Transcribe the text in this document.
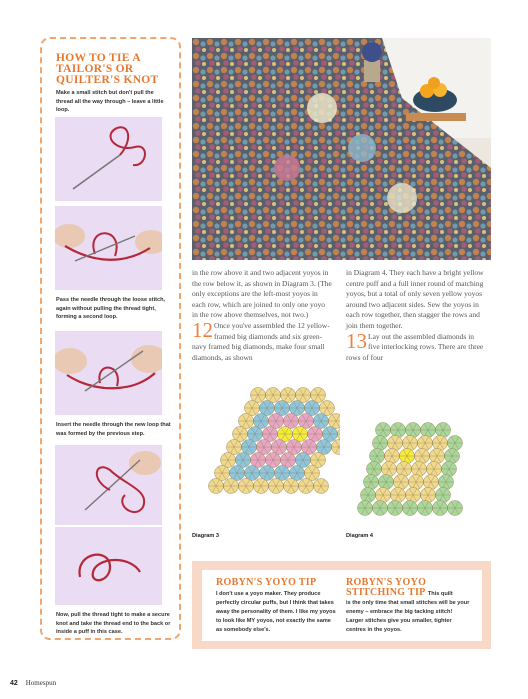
HOW TO TIE A
TAILOR'S OR
QUILTER'S KNOT

Make a small stitch but don't pull the thread all the way through – leave a little loop.

Pass the needle through the loose stitch, again without pulling the thread tight, forming a second loop.

Insert the needle through the new loop that was formed by the previous step.

Now, pull the thread tight to make a secure knot and take the thread end to the back or inside a puff in this case.

in the row above it and two adjacent yoyos in the row below it, as shown in Diagram 3. (The only exceptions are the left-most yoyos in each row, which are joined to only one yoyo in the row above themselves, not two.)

12 Once you've assembled the 12 yellow-framed big diamonds and six green-navy framed big diamonds, make four small diamonds, as shown
in Diagram 4. They each have a bright yellow centre puff and a full inner round of matching yoyos, but a total of only seven yellow yoyos around two adjacent sides. Sew the yoyos in each row together, then stagger the rows and join them together.

13 Lay out the assembled diamonds in five interlocking rows. There are three rows of four
Diagram 3	Diagram 4
ROBYN'S YOYO TIP

I don't use a yoyo maker. They produce perfectly circular puffs, but I think that takes away the personality of them. I like my yoyos to look like MY yoyos, not exactly the same as somebody else's.

ROBYN'S YOYO
STITCHING TIP This quilt

is the only time that small stitches will be your enemy – embrace the big tacking stitch! Larger stitches give you smaller, tighter centres in the yoyos.

42 Homespun
